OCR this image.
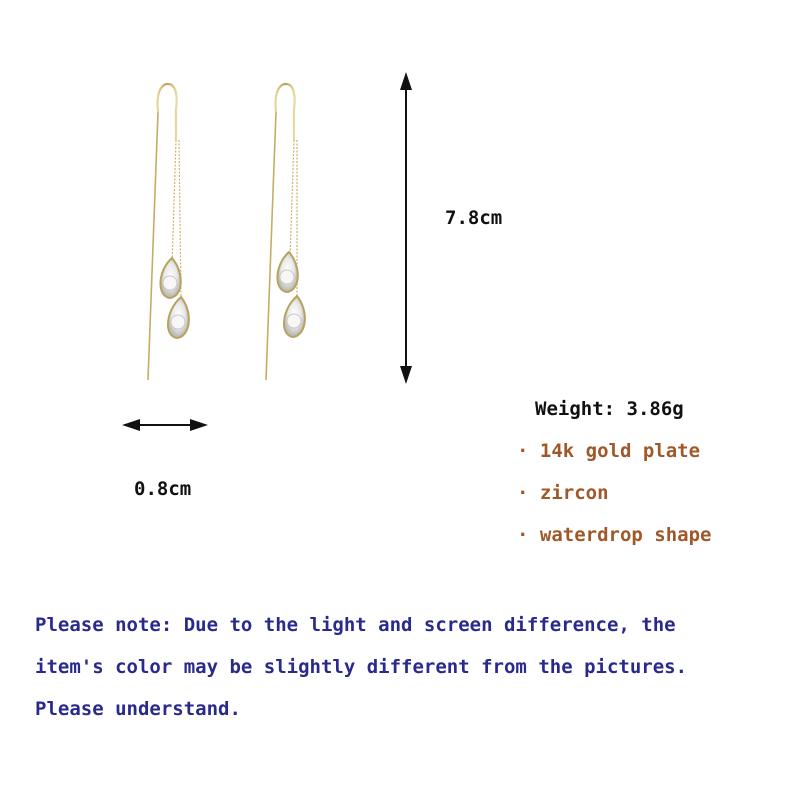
7.8cm
0.8cm
Weight: 3.86g
· 14k gold plate
· zircon
· waterdrop shape
Please note: Due to the light and screen difference, the
item's color may be slightly different from the pictures.
Please understand.
